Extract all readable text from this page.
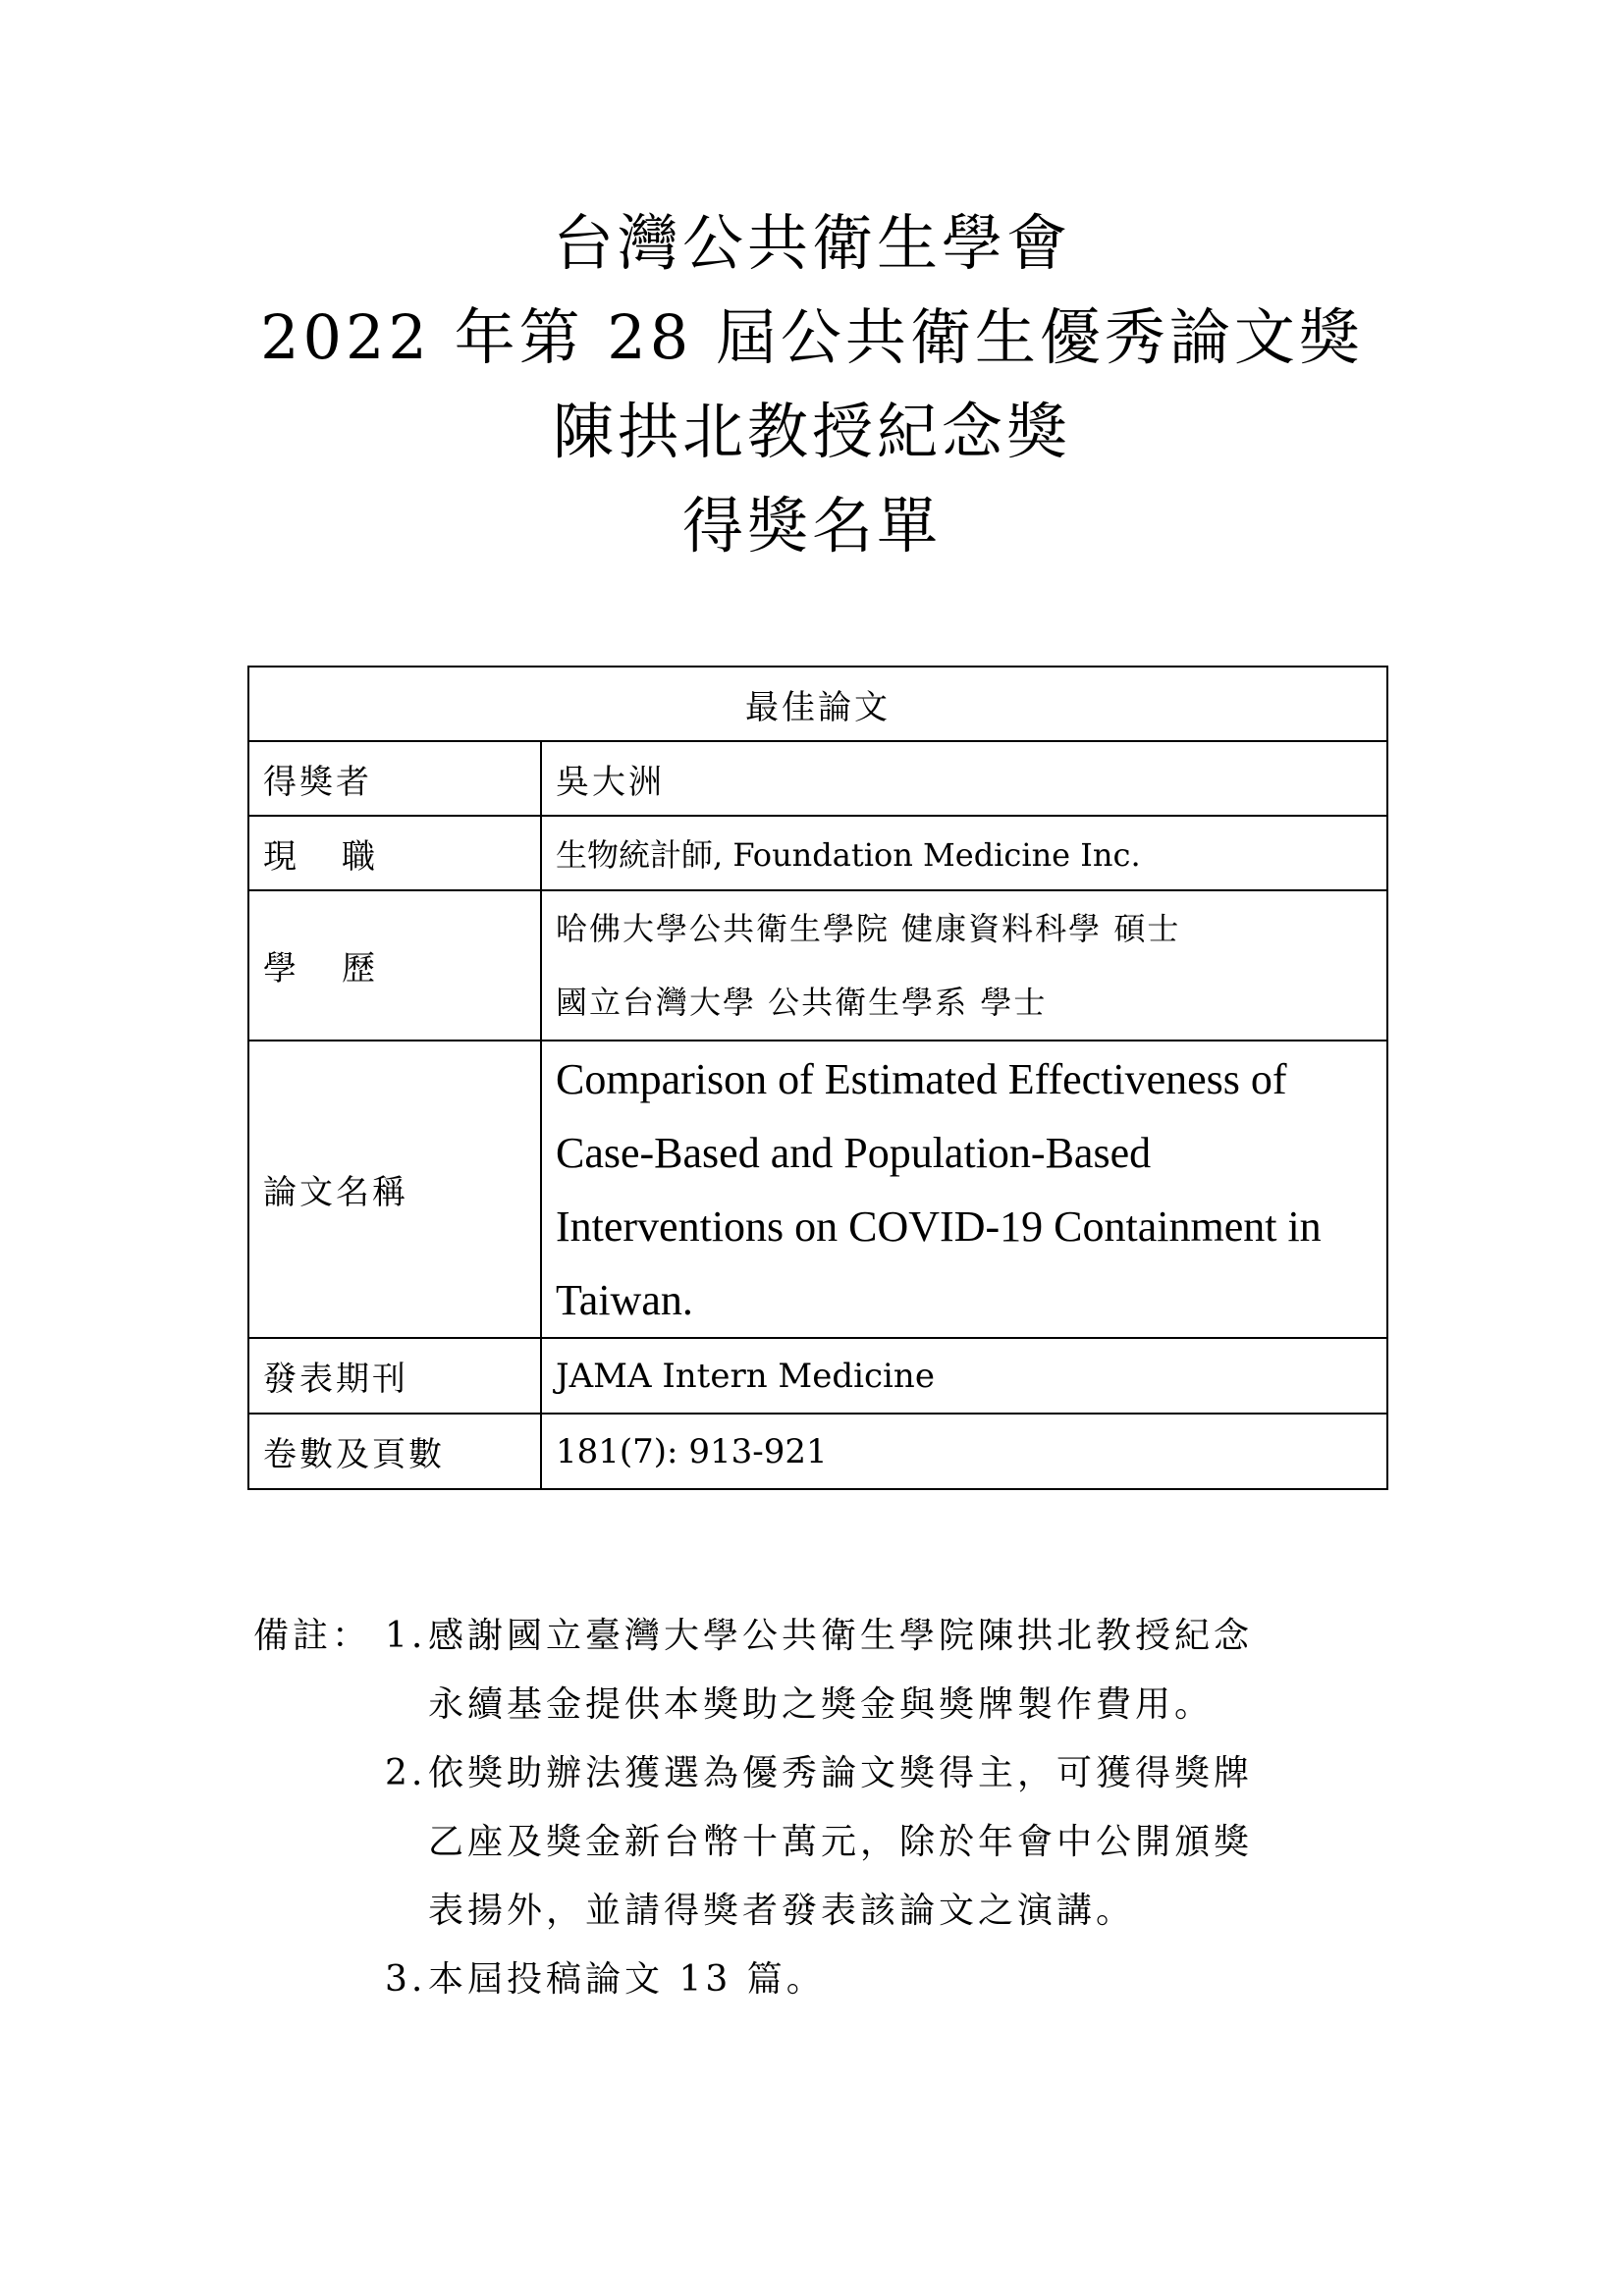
台灣公共衛生學會
2022 年第 28 屆公共衛生優秀論文獎
陳拱北教授紀念獎
得獎名單
最佳論文	
得獎者	吳大洲
現職	生物統計師, Foundation Medicine Inc.
學歷	哈佛大學公共衛生學院 健康資料科學 碩士
國立台灣大學 公共衛生學系 學士

論文名稱	Comparison of Estimated Effectiveness of
Case-Based and Population-Based
Interventions on COVID-19 Containment in
Taiwan.

發表期刊	JAMA Intern Medicine
卷數及頁數	181(7): 913-921
備註： 1. 感謝國立臺灣大學公共衛生學院陳拱北教授紀念
永續基金提供本獎助之獎金與獎牌製作費用。
2. 依獎助辦法獲選為優秀論文獎得主，可獲得獎牌
乙座及獎金新台幣十萬元，除於年會中公開頒獎
表揚外，並請得獎者發表該論文之演講。
3. 本屆投稿論文 13 篇。
